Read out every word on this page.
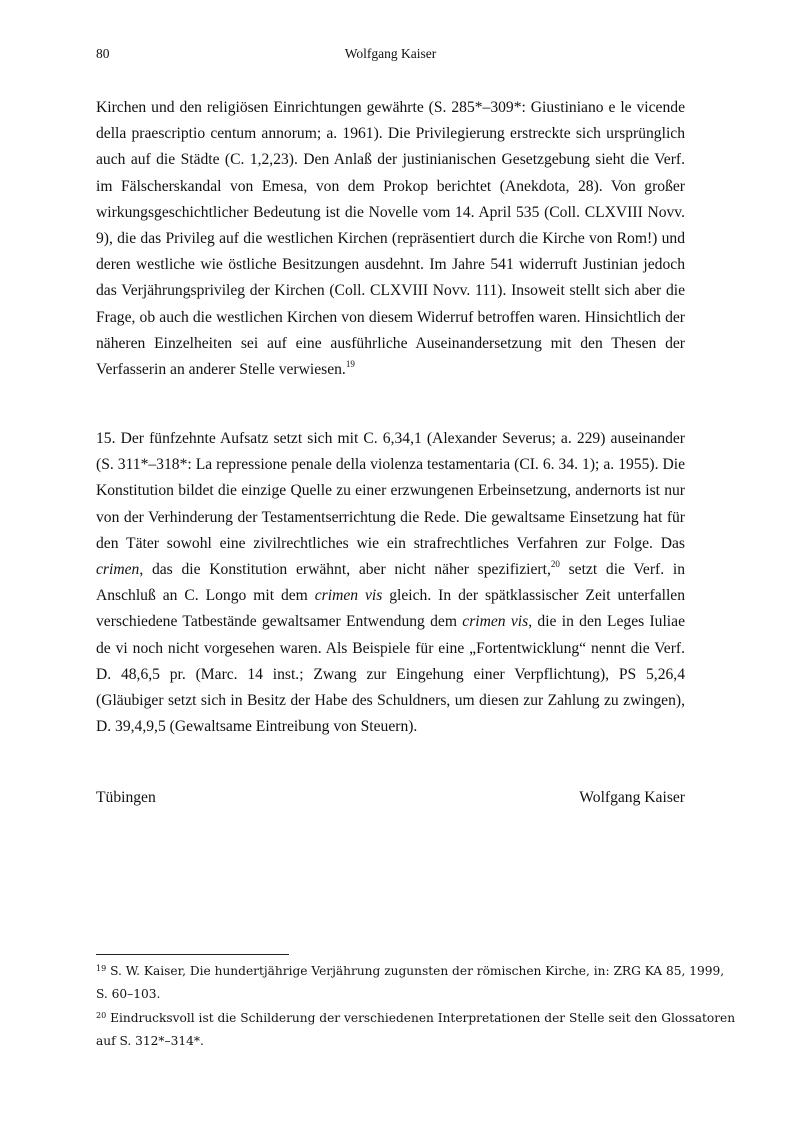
80	Wolfgang Kaiser
Kirchen und den religiösen Einrichtungen gewährte (S. 285*–309*: Giustiniano e le vicende
della praescriptio centum annorum; a. 1961). Die Privilegierung erstreckte sich ursprünglich
auch auf die Städte (C. 1,2,23). Den Anlaß der justinianischen Gesetzgebung sieht die Verf.
im Fälscherskandal von Emesa, von dem Prokop berichtet (Anekdota, 28). Von großer
wirkungsgeschichtlicher Bedeutung ist die Novelle vom 14. April 535 (Coll. CLXVIII Novv.
9), die das Privileg auf die westlichen Kirchen (repräsentiert durch die Kirche von Rom!) und
deren westliche wie östliche Besitzungen ausdehnt. Im Jahre 541 widerruft Justinian jedoch
das Verjährungsprivileg der Kirchen (Coll. CLXVIII Novv. 111). Insoweit stellt sich aber die
Frage, ob auch die westlichen Kirchen von diesem Widerruf betroffen waren. Hinsichtlich der
näheren Einzelheiten sei auf eine ausführliche Auseinandersetzung mit den Thesen der
Verfasserin an anderer Stelle verwiesen.$^{19}$
15. Der fünfzehnte Aufsatz setzt sich mit C. 6,34,1 (Alexander Severus; a. 229) auseinander
(S. 311*–318*: La repressione penale della violenza testamentaria (CI. 6. 34. 1); a. 1955). Die
Konstitution bildet die einzige Quelle zu einer erzwungenen Erbeinsetzung, andernorts ist nur
von der Verhinderung der Testamentserrichtung die Rede. Die gewaltsame Einsetzung hat für
den Täter sowohl eine zivilrechtliches wie ein strafrechtliches Verfahren zur Folge. Das
crimen, das die Konstitution erwähnt, aber nicht näher spezifiziert,$^{20}$ setzt die Verf. in
Anschluß an C. Longo mit dem crimen vis gleich. In der spätklassischer Zeit unterfallen
verschiedene Tatbestände gewaltsamer Entwendung dem crimen vis, die in den Leges Iuliae
de vi noch nicht vorgesehen waren. Als Beispiele für eine „Fortentwicklung“ nennt die Verf.
D. 48,6,5 pr. (Marc. 14 inst.; Zwang zur Eingehung einer Verpflichtung), PS 5,26,4
(Gläubiger setzt sich in Besitz der Habe des Schuldners, um diesen zur Zahlung zu zwingen),
D. 39,4,9,5 (Gewaltsame Eintreibung von Steuern).
Tübingen	Wolfgang Kaiser
$^{19}$ S. W. Kaiser, Die hundertjährige Verjährung zugunsten der römischen Kirche, in: ZRG KA 85, 1999,
S. 60–103.
$^{20}$ Eindrucksvoll ist die Schilderung der verschiedenen Interpretationen der Stelle seit den Glossatoren
auf S. 312*–314*.
